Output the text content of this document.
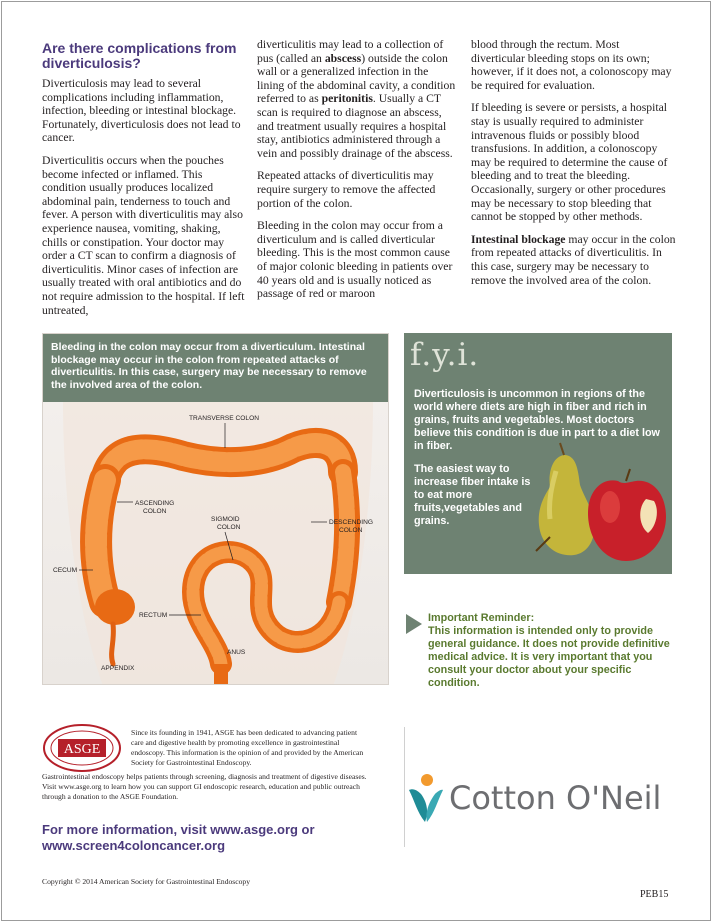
Are there complications from diverticulosis?

Diverticulosis may lead to several complications including inflammation, infection, bleeding or intestinal blockage. Fortunately, diverticulosis does not lead to cancer.

Diverticulitis occurs when the pouches become infected or inflamed. This condition usually produces localized abdominal pain, tenderness to touch and fever. A person with diverticulitis may also experience nausea, vomiting, shaking, chills or constipation. Your doctor may order a CT scan to confirm a diagnosis of diverticulitis. Minor cases of infection are usually treated with oral antibiotics and do not require admission to the hospital. If left untreated,

diverticulitis may lead to a collection of pus (called an abscess) outside the colon wall or a generalized infection in the lining of the abdominal cavity, a condition referred to as peritonitis. Usually a CT scan is required to diagnose an abscess, and treatment usually requires a hospital stay, antibiotics administered through a vein and possibly drainage of the abscess.

Repeated attacks of diverticulitis may require surgery to remove the affected portion of the colon.

Bleeding in the colon may occur from a diverticulum and is called diverticular bleeding. This is the most common cause of major colonic bleeding in patients over 40 years old and is usually noticed as passage of red or maroon

blood through the rectum. Most diverticular bleeding stops on its own; however, if it does not, a colonoscopy may be required for evaluation.

If bleeding is severe or persists, a hospital stay is usually required to administer intravenous fluids or possibly blood transfusions. In addition, a colonoscopy may be required to determine the cause of bleeding and to treat the bleeding. Occasionally, surgery or other procedures may be necessary to stop bleeding that cannot be stopped by other methods.

Intestinal blockage may occur in the colon from repeated attacks of diverticulitis. In this case, surgery may be necessary to remove the involved area of the colon.

Bleeding in the colon may occur from a diverticulum. Intestinal blockage may occur in the colon from repeated attacks of diverticulitis. In this case, surgery may be necessary to remove the involved area of the colon.
TRANSVERSE COLON
ASCENDING
COLON
SIGMOID
COLON
DESCENDING
COLON
CECUM
RECTUM
ANUS
APPENDIX
f.y.i.
Diverticulosis is uncommon in regions of the world where diets are high in fiber and rich in grains, fruits and vegetables. Most doctors believe this condition is due in part to a diet low in fiber.
The easiest way to increase fiber intake is to eat more fruits,vegetables and grains.
Important Reminder:
This information is intended only to provide general guidance. It does not provide definitive medical advice. It is very important that you consult your doctor about your specific condition.
ASGE
Since its founding in 1941, ASGE has been dedicated to advancing patient care and digestive health by promoting excellence in gastrointestinal endoscopy. This information is the opinion of and provided by the American Society for Gastrointestinal Endoscopy.
Gastrointestinal endoscopy helps patients through screening, diagnosis and treatment of digestive diseases. Visit www.asge.org to learn how you can support GI endoscopic research, education and public outreach through a donation to the ASGE Foundation.
For more information, visit www.asge.org or
www.screen4coloncancer.org
Copyright © 2014 American Society for Gastrointestinal Endoscopy
PEB15
Cotton O'Neil
